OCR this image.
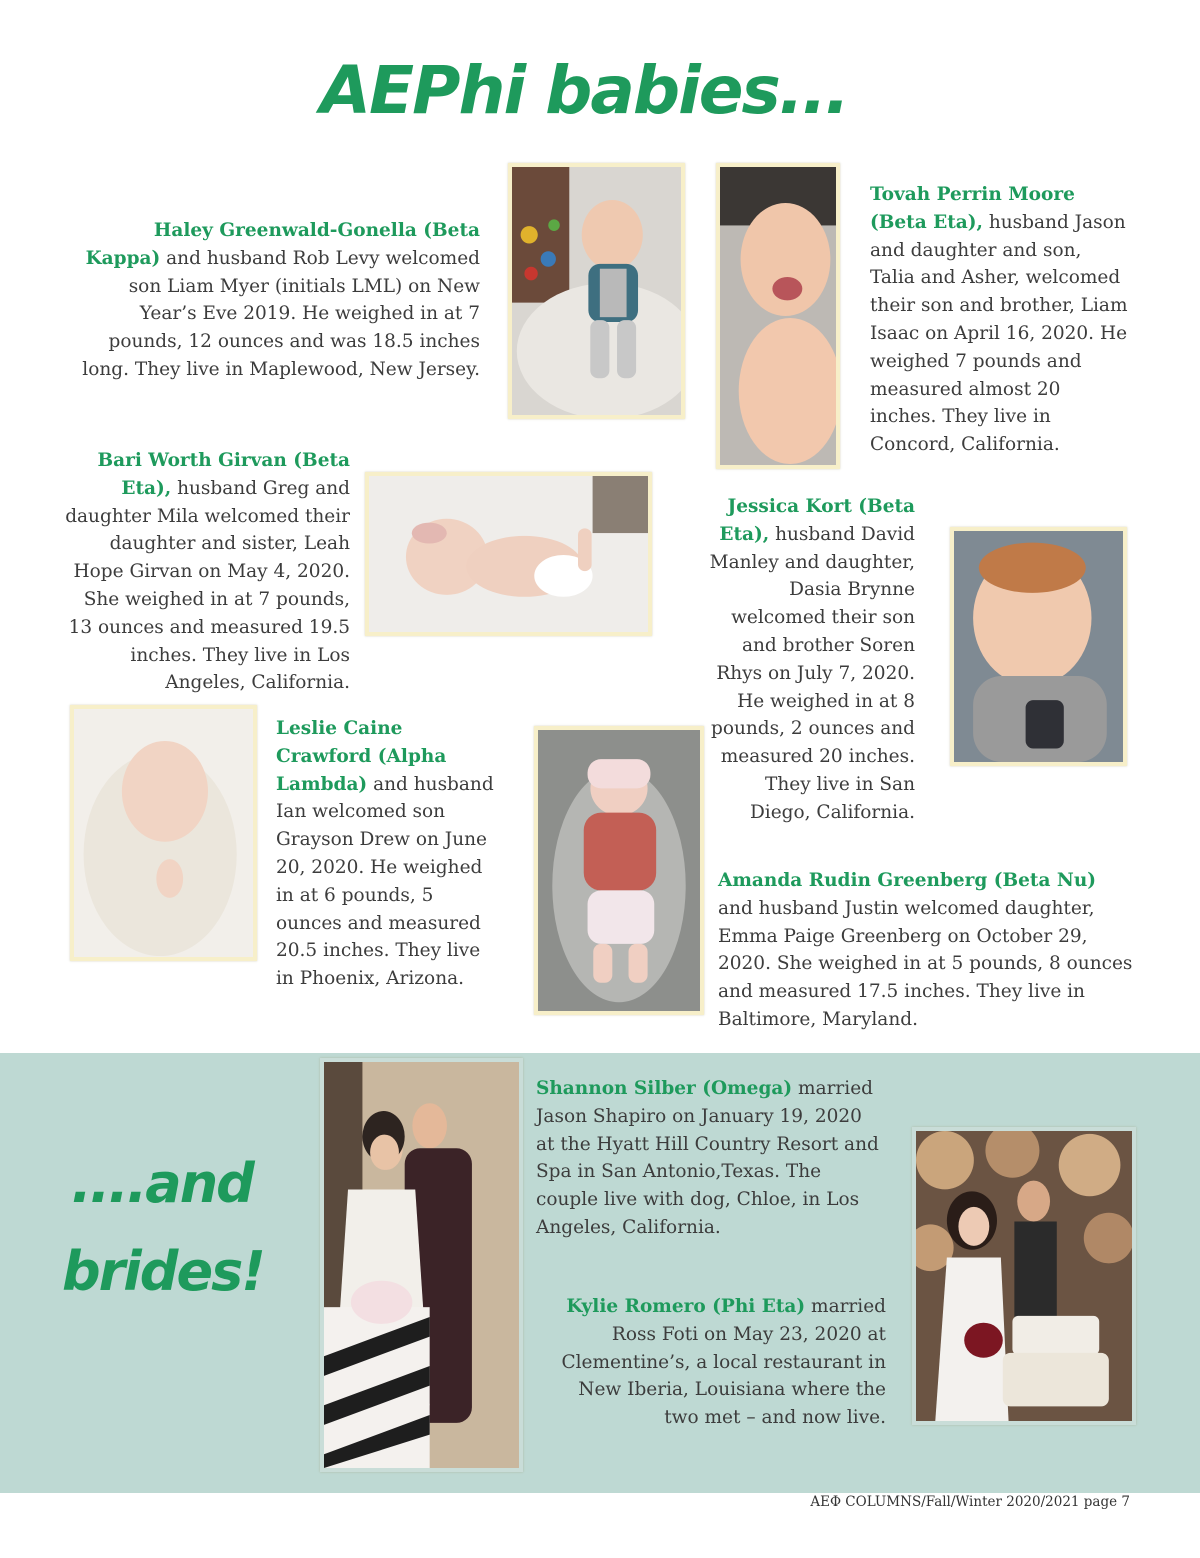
AEPhi babies...
Haley Greenwald-Gonella (Beta Kappa) and husband Rob Levy welcomed son Liam Myer (initials LML) on New Year’s Eve 2019. He weighed in at 7 pounds, 12 ounces and was 18.5 inches long. They live in Maplewood, New Jersey.
Tovah Perrin Moore (Beta Eta), husband Jason and daughter and son, Talia and Asher, welcomed their son and brother, Liam Isaac on April 16, 2020. He weighed 7 pounds and measured almost 20 inches. They live in Concord, California.
Bari Worth Girvan (Beta Eta), husband Greg and daughter Mila welcomed their daughter and sister, Leah Hope Girvan on May 4, 2020. She weighed in at 7 pounds, 13 ounces and measured 19.5 inches. They live in Los Angeles, California.
Jessica Kort (Beta Eta), husband David Manley and daughter, Dasia Brynne welcomed their son and brother Soren Rhys on July 7, 2020. He weighed in at 8 pounds, 2 ounces and measured 20 inches. They live in San Diego, California.
Leslie Caine Crawford (Alpha Lambda) and husband Ian welcomed son Grayson Drew on June 20, 2020. He weighed in at 6 pounds, 5 ounces and measured 20.5 inches. They live in Phoenix, Arizona.
Amanda Rudin Greenberg (Beta Nu) and husband Justin welcomed daughter, Emma Paige Greenberg on October 29, 2020. She weighed in at 5 pounds, 8 ounces and measured 17.5 inches. They live in Baltimore, Maryland.
....and
brides!
Shannon Silber (Omega) married Jason Shapiro on January 19, 2020 at the Hyatt Hill Country Resort and Spa in San Antonio,Texas. The couple live with dog, Chloe, in Los Angeles, California.
Kylie Romero (Phi Eta) married Ross Foti on May 23, 2020 at Clementine’s, a local restaurant in New Iberia, Louisiana where the two met – and now live.
AEΦ COLUMNS/Fall/Winter 2020/2021 page 7
